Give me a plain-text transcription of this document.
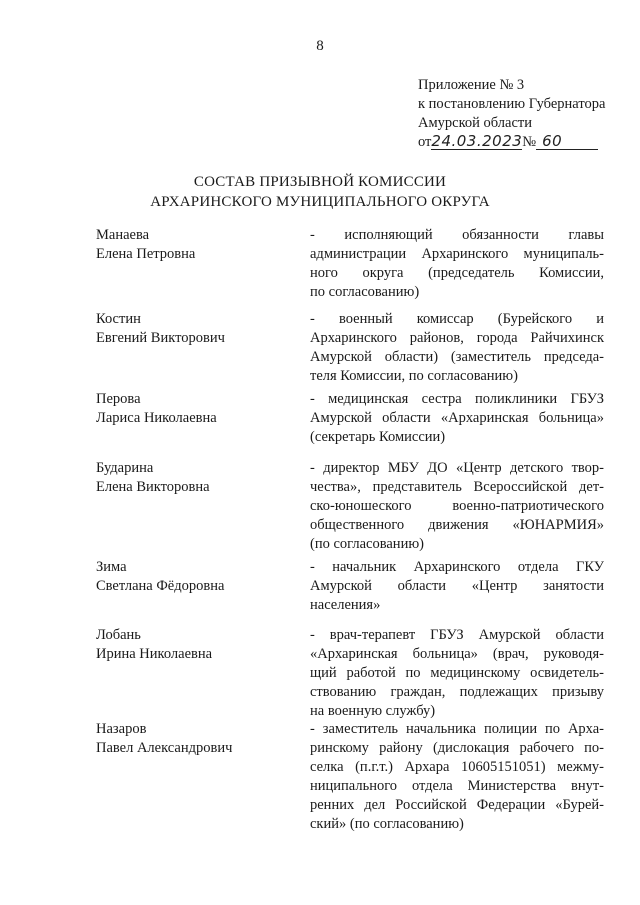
8
Приложение № 3
к постановлению Губернатора
Амурской области
от24.03.2023№ 60
СОСТАВ ПРИЗЫВНОЙ КОМИССИИ
АРХАРИНСКОГО МУНИЦИПАЛЬНОГО ОКРУГА
Манаева
Елена Петровна
- исполняющий обязанности главы
администрации Архаринского муниципаль-
ного округа (председатель Комиссии,
по согласованию)
Костин
Евгений Викторович
- военный комиссар (Бурейского и
Архаринского районов, города Райчихинск
Амурской области) (заместитель председа-
теля Комиссии, по согласованию)
Перова
Лариса Николаевна
- медицинская сестра поликлиники ГБУЗ
Амурской области «Архаринская больница»
(секретарь Комиссии)
Бударина
Елена Викторовна
- директор МБУ ДО «Центр детского твор-
чества», представитель Всероссийской дет-
ско-юношеского военно-патриотического
общественного движения «ЮНАРМИЯ»
(по согласованию)
Зима
Светлана Фёдоровна
- начальник Архаринского отдела ГКУ
Амурской области «Центр занятости
населения»
Лобань
Ирина Николаевна
- врач-терапевт ГБУЗ Амурской области
«Архаринская больница» (врач, руководя-
щий работой по медицинскому освидетель-
ствованию граждан, подлежащих призыву
на военную службу)
Назаров
Павел Александрович
- заместитель начальника полиции по Арха-
ринскому району (дислокация рабочего по-
селка (п.г.т.) Архара 10605151051) межму-
ниципального отдела Министерства внут-
ренних дел Российской Федерации «Бурей-
ский» (по согласованию)
